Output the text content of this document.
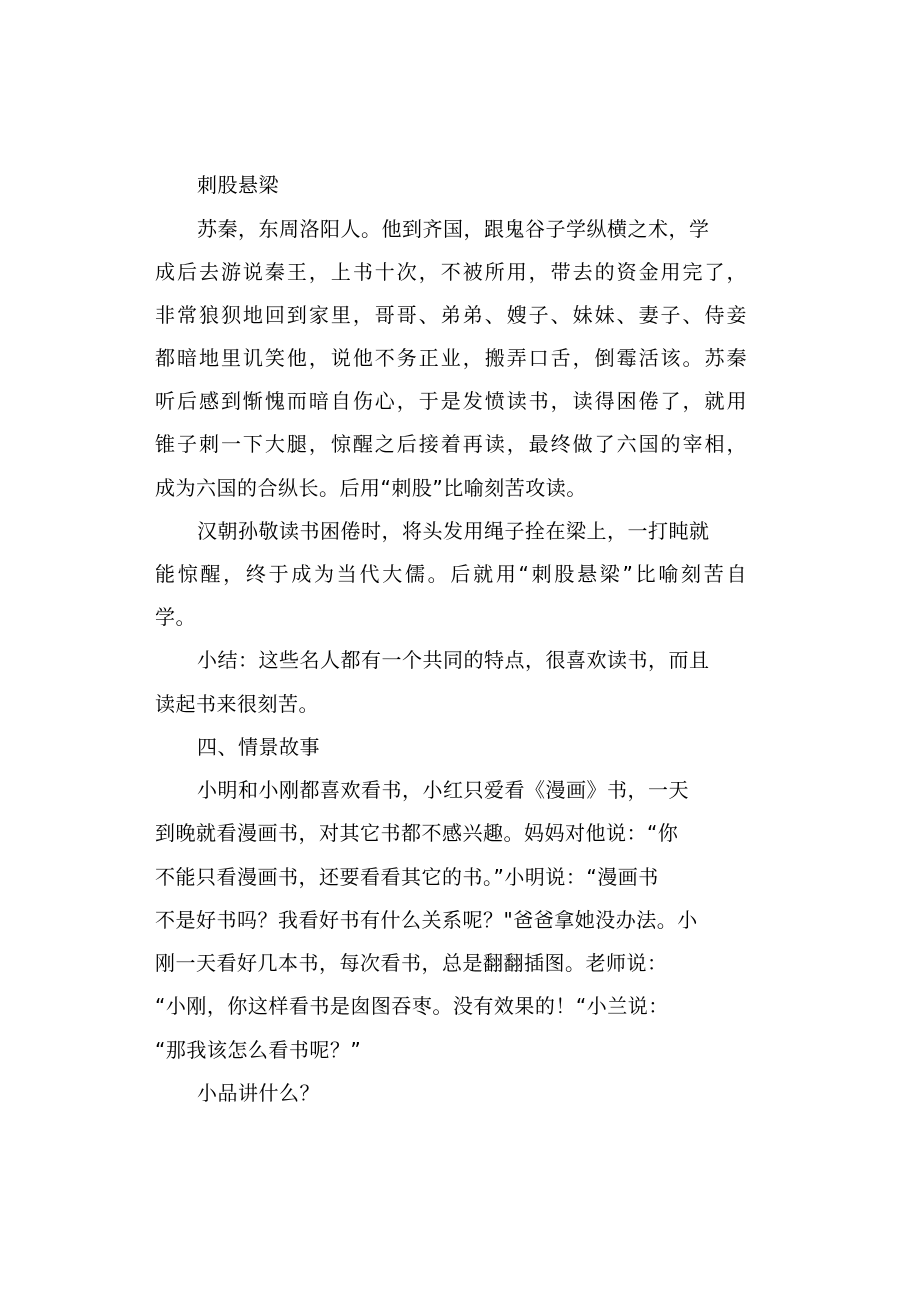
刺股悬梁
苏秦，东周洛阳人。他到齐国，跟鬼谷子学纵横之术，学
成后去游说秦王，上书十次，不被所用，带去的资金用完了，
非常狼狈地回到家里，哥哥、弟弟、嫂子、妹妹、妻子、侍妾
都暗地里讥笑他，说他不务正业，搬弄口舌，倒霉活该。苏秦
听后感到惭愧而暗自伤心，于是发愤读书，读得困倦了，就用
锥子刺一下大腿，惊醒之后接着再读，最终做了六国的宰相，
成为六国的合纵长。后用“刺股”比喻刻苦攻读。
汉朝孙敬读书困倦时，将头发用绳子拴在梁上，一打盹就
能惊醒，终于成为当代大儒。后就用“刺股悬梁”比喻刻苦自
学。
小结：这些名人都有一个共同的特点，很喜欢读书，而且
读起书来很刻苦。
四、情景故事
小明和小刚都喜欢看书，小红只爱看《漫画》书，一天
到晚就看漫画书，对其它书都不感兴趣。妈妈对他说：“你
不能只看漫画书，还要看看其它的书。”小明说：“漫画书
不是好书吗？我看好书有什么关系呢？"爸爸拿她没办法。小
刚一天看好几本书，每次看书，总是翻翻插图。老师说：
“小刚，你这样看书是囱图吞枣。没有效果的！“小兰说：
“那我该怎么看书呢？”
小品讲什么？
